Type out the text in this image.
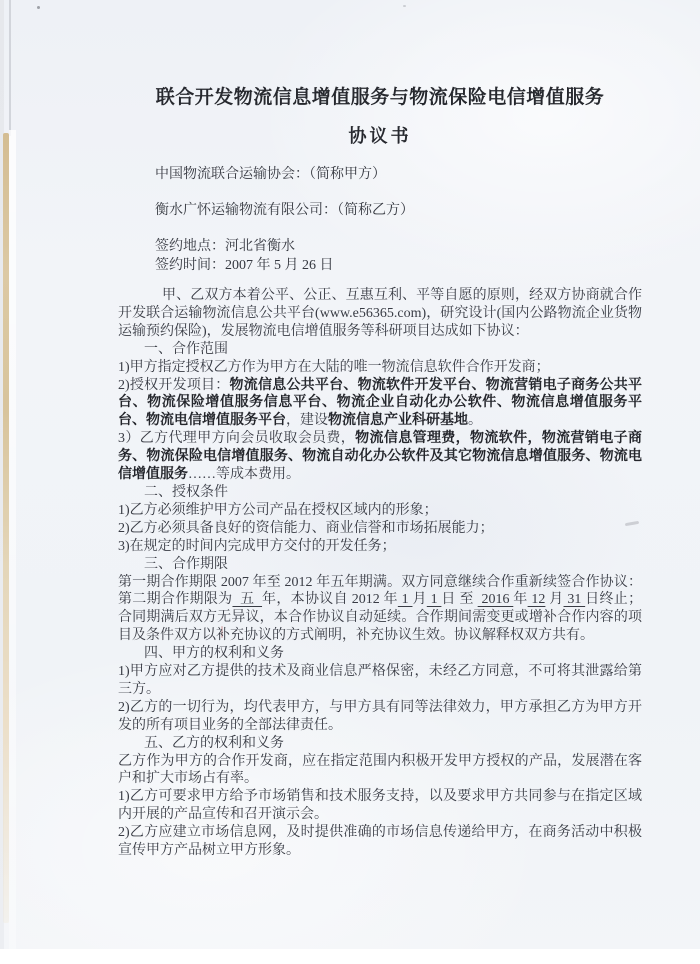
联合开发物流信息增值服务与物流保险电信增值服务
协议书

中国物流联合运输协会：（简称甲方）

衡水广怀运输物流有限公司：（简称乙方）

签约地点：河北省衡水

签约时间：2007 年 5 月 26 日

甲、乙双方本着公平、公正、互惠互利、平等自愿的原则，经双方协商就合作开发联合运输物流信息公共平台(www.e56365.com)，研究设计(国内公路物流企业货物运输预约保险)，发展物流电信增值服务等科研项目达成如下协议：
一、合作范围
1)甲方指定授权乙方作为甲方在大陆的唯一物流信息软件合作开发商；
2)授权开发项目：物流信息公共平台、物流软件开发平台、物流营销电子商务公共平台、物流保险增值服务信息平台、物流企业自动化办公软件、物流信息增值服务平台、物流电信增值服务平台，建设物流信息产业科研基地。
3）乙方代理甲方向会员收取会员费，物流信息管理费，物流软件，物流营销电子商务、物流保险电信增值服务、物流自动化办公软件及其它物流信息增值服务、物流电信增值服务……等成本费用。
二、授权条件
1)乙方必须维护甲方公司产品在授权区域内的形象；
2)乙方必须具备良好的资信能力、商业信誉和市场拓展能力；
3)在规定的时间内完成甲方交付的开发任务；
三、合作期限
第一期合作期限 2007 年至 2012 年五年期满。双方同意继续合作重新续签合作协议：第二期合作期限为  五  年，本协议自 2012 年 1 月 1 日 至  2016 年 12 月 31 日终止；合同期满后双方无异议，本合作协议自动延续。合作期间需变更或增补合作内容的项目及条件双方以补充协议的方式阐明，补充协议生效。协议解释权双方共有。
四、甲方的权利和义务
1)甲方应对乙方提供的技术及商业信息严格保密，未经乙方同意，不可将其泄露给第三方。
2)乙方的一切行为，均代表甲方，与甲方具有同等法律效力，甲方承担乙方为甲方开发的所有项目业务的全部法律责任。
五、乙方的权利和义务
乙方作为甲方的合作开发商，应在指定范围内积极开发甲方授权的产品，发展潜在客户和扩大市场占有率。
1)乙方可要求甲方给予市场销售和技术服务支持，以及要求甲方共同参与在指定区域内开展的产品宣传和召开演示会。
2)乙方应建立市场信息网，及时提供准确的市场信息传递给甲方，在商务活动中积极宣传甲方产品树立甲方形象。
